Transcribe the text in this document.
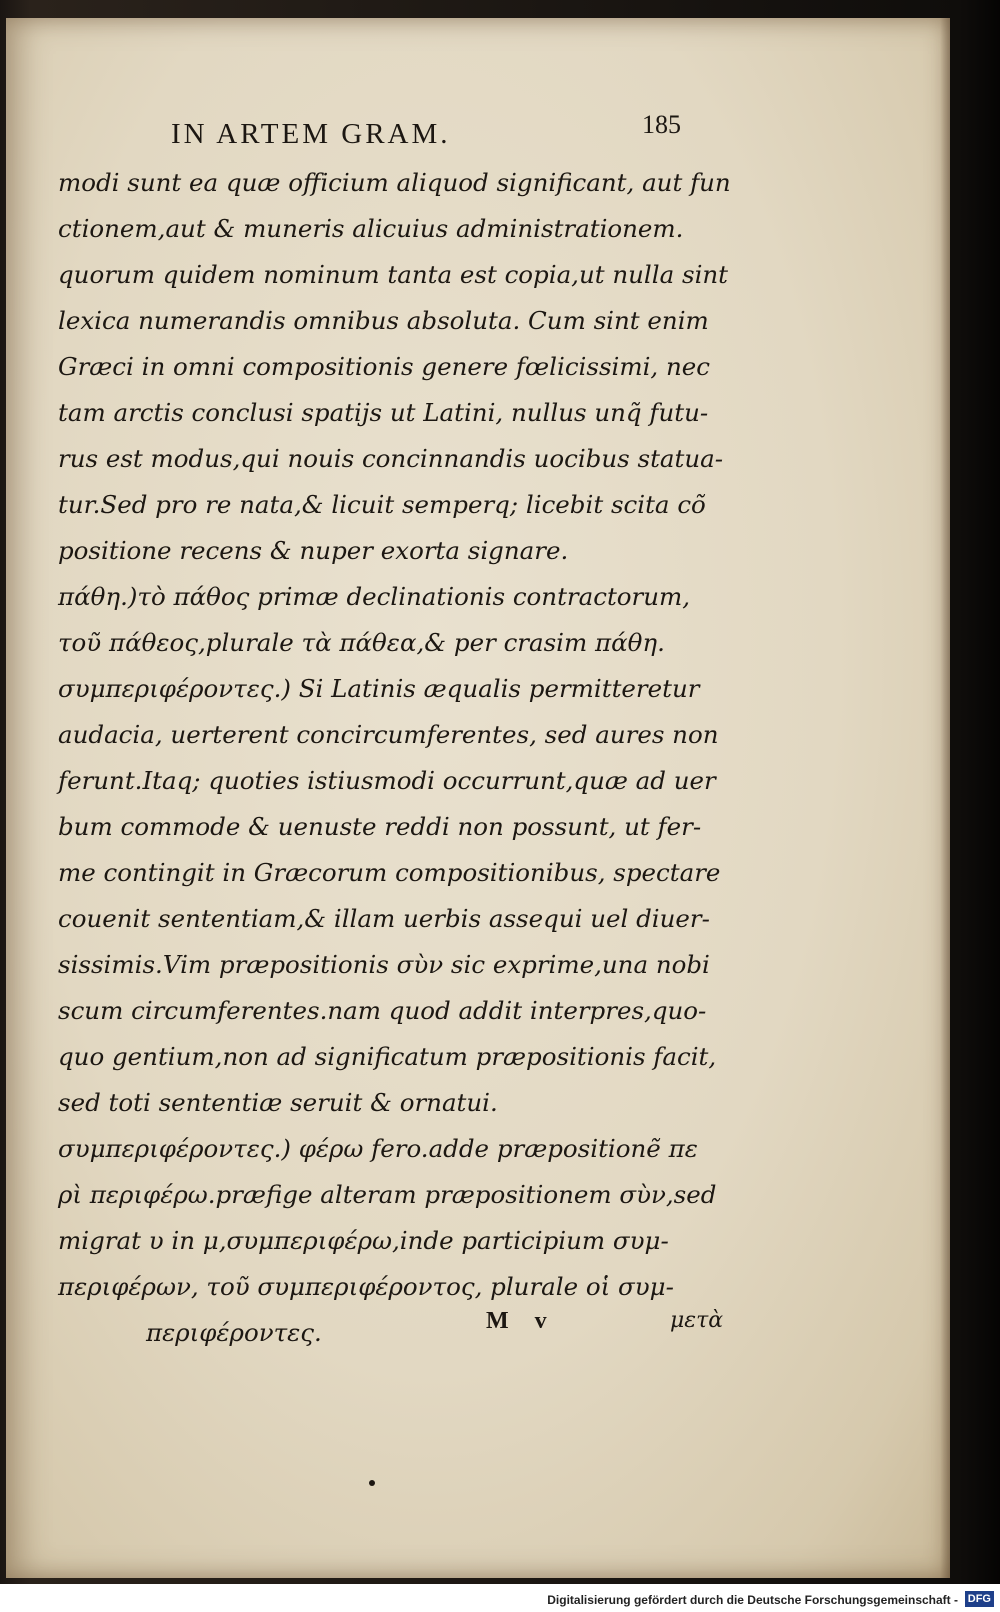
IN ARTEM GRAM.	185
modi sunt ea quæ officium aliquod significant, aut fun
ctionem,aut & muneris alicuius administrationem.
quorum quidem nominum tanta est copia,ut nulla sint
lexica numerandis omnibus absoluta. Cum sint enim
Græci in omni compositionis genere fœlicissimi, nec
tam arctis conclusi spatijs ut Latini, nullus unq̃ futu-
rus est modus,qui nouis concinnandis uocibus statua-
tur.Sed pro re nata,& licuit semperq; licebit scita cõ
positione recens & nuper exorta signare.
πάθη.)τὸ πάθος primæ declinationis contractorum,
τοῦ πάθεος,plurale τὰ πάθεα,& per crasim πάθη.
συμπεριφέροντες.) Si Latinis æqualis permitteretur
audacia, uerterent concircumferentes, sed aures non
ferunt.Itaq; quoties istiusmodi occurrunt,quæ ad uer
bum commode & uenuste reddi non possunt, ut fer-
me contingit in Græcorum compositionibus, spectare
couenit sententiam,& illam uerbis assequi uel diuer-
sissimis.Vim præpositionis σὺν sic exprime,una nobi
scum circumferentes.nam quod addit interpres,quo-
quo gentium,non ad significatum præpositionis facit,
sed toti sententiæ seruit & ornatui.
συμπεριφέροντες.) φέρω fero.adde præpositionẽ πε
ρὶ περιφέρω.præfige alteram præpositionem σὺν,sed
migrat υ in μ,συμπεριφέρω,inde participium συμ-
περιφέρων, τοῦ συμπεριφέροντος, plurale οἱ συμ-
περιφέροντες.	M v	μετὰ
Digitalisierung gefördert durch die Deutsche Forschungsgemeinschaft - DFG
